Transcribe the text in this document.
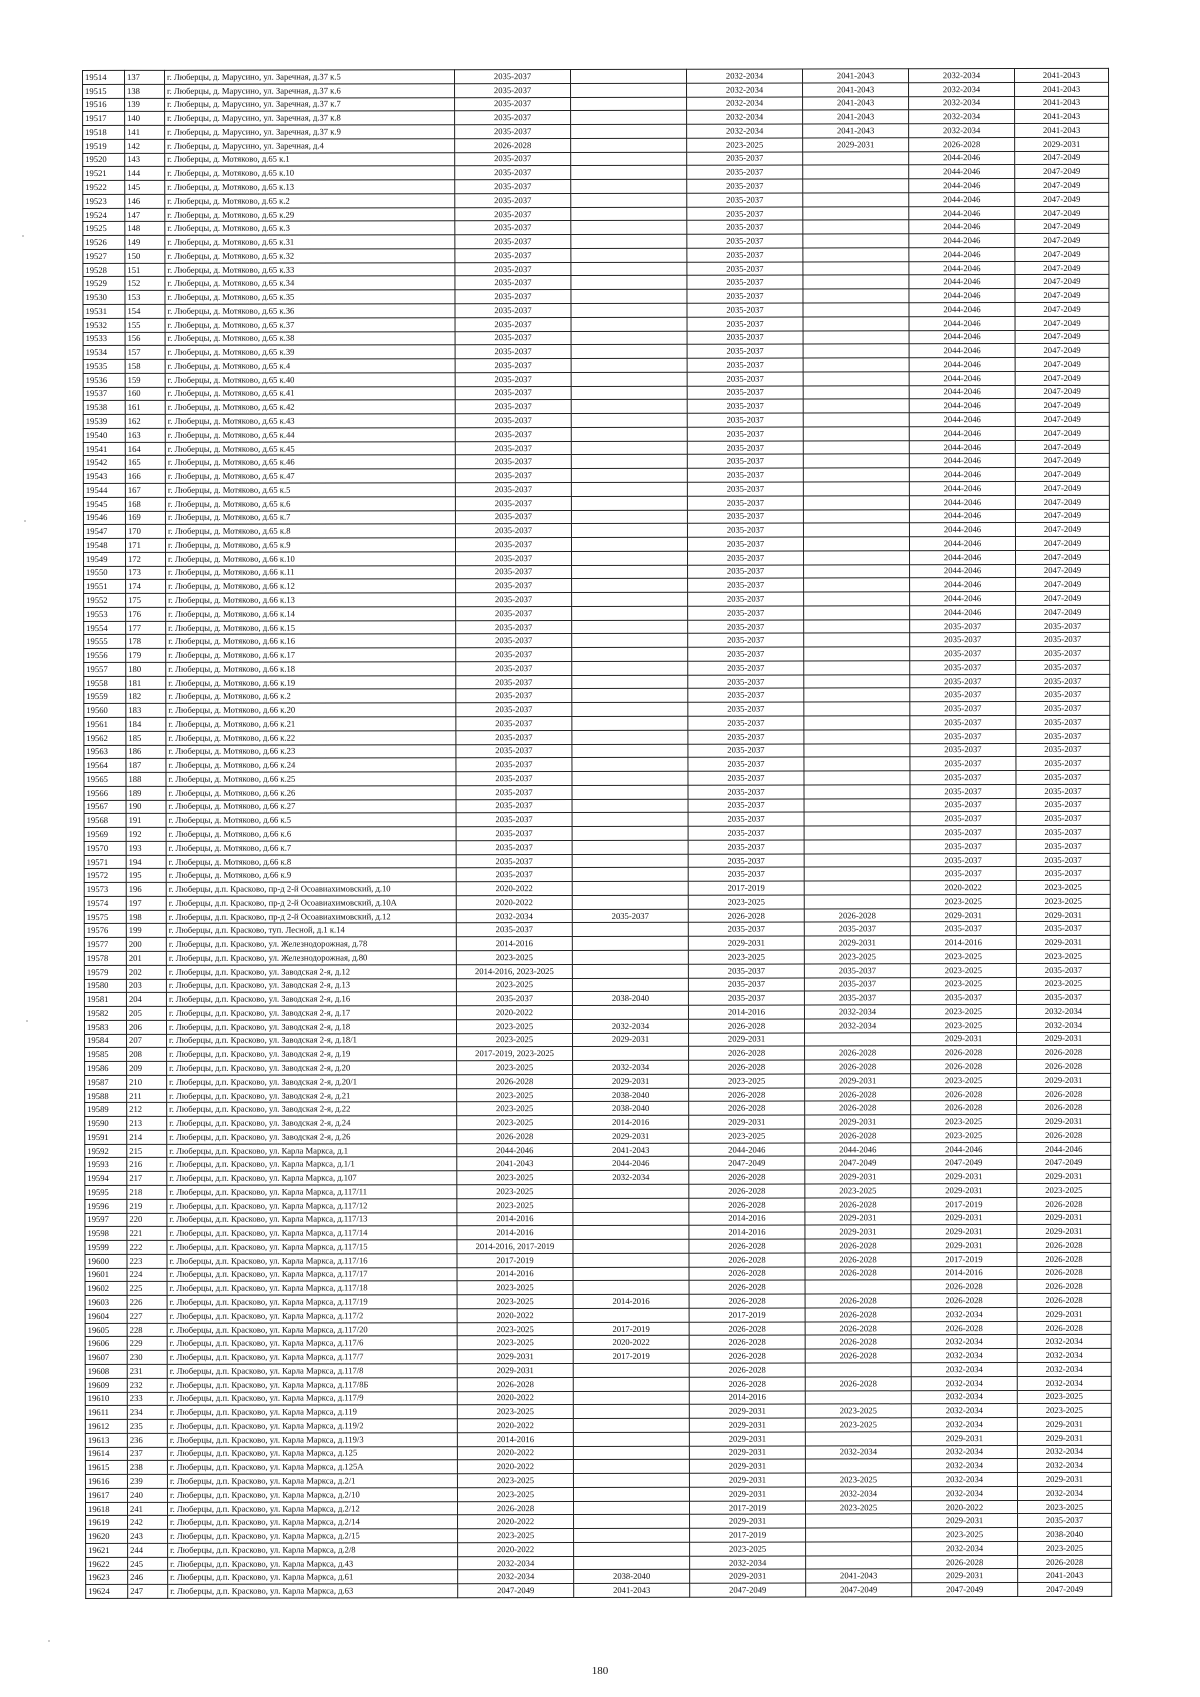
19514	137	г. Люберцы, д. Марусино, ул. Заречная, д.37 к.5	2035-2037		2032-2034	2041-2043	2032-2034	2041-2043
19515	138	г. Люберцы, д. Марусино, ул. Заречная, д.37 к.6	2035-2037		2032-2034	2041-2043	2032-2034	2041-2043
19516	139	г. Люберцы, д. Марусино, ул. Заречная, д.37 к.7	2035-2037		2032-2034	2041-2043	2032-2034	2041-2043
19517	140	г. Люберцы, д. Марусино, ул. Заречная, д.37 к.8	2035-2037		2032-2034	2041-2043	2032-2034	2041-2043
19518	141	г. Люберцы, д. Марусино, ул. Заречная, д.37 к.9	2035-2037		2032-2034	2041-2043	2032-2034	2041-2043
19519	142	г. Люберцы, д. Марусино, ул. Заречная, д.4	2026-2028		2023-2025	2029-2031	2026-2028	2029-2031
19520	143	г. Люберцы, д. Мотяково, д.65 к.1	2035-2037		2035-2037		2044-2046	2047-2049
19521	144	г. Люберцы, д. Мотяково, д.65 к.10	2035-2037		2035-2037		2044-2046	2047-2049
19522	145	г. Люберцы, д. Мотяково, д.65 к.13	2035-2037		2035-2037		2044-2046	2047-2049
19523	146	г. Люберцы, д. Мотяково, д.65 к.2	2035-2037		2035-2037		2044-2046	2047-2049
19524	147	г. Люберцы, д. Мотяково, д.65 к.29	2035-2037		2035-2037		2044-2046	2047-2049
19525	148	г. Люберцы, д. Мотяково, д.65 к.3	2035-2037		2035-2037		2044-2046	2047-2049
19526	149	г. Люберцы, д. Мотяково, д.65 к.31	2035-2037		2035-2037		2044-2046	2047-2049
19527	150	г. Люберцы, д. Мотяково, д.65 к.32	2035-2037		2035-2037		2044-2046	2047-2049
19528	151	г. Люберцы, д. Мотяково, д.65 к.33	2035-2037		2035-2037		2044-2046	2047-2049
19529	152	г. Люберцы, д. Мотяково, д.65 к.34	2035-2037		2035-2037		2044-2046	2047-2049
19530	153	г. Люберцы, д. Мотяково, д.65 к.35	2035-2037		2035-2037		2044-2046	2047-2049
19531	154	г. Люберцы, д. Мотяково, д.65 к.36	2035-2037		2035-2037		2044-2046	2047-2049
19532	155	г. Люберцы, д. Мотяково, д.65 к.37	2035-2037		2035-2037		2044-2046	2047-2049
19533	156	г. Люберцы, д. Мотяково, д.65 к.38	2035-2037		2035-2037		2044-2046	2047-2049
19534	157	г. Люберцы, д. Мотяково, д.65 к.39	2035-2037		2035-2037		2044-2046	2047-2049
19535	158	г. Люберцы, д. Мотяково, д.65 к.4	2035-2037		2035-2037		2044-2046	2047-2049
19536	159	г. Люберцы, д. Мотяково, д.65 к.40	2035-2037		2035-2037		2044-2046	2047-2049
19537	160	г. Люберцы, д. Мотяково, д.65 к.41	2035-2037		2035-2037		2044-2046	2047-2049
19538	161	г. Люберцы, д. Мотяково, д.65 к.42	2035-2037		2035-2037		2044-2046	2047-2049
19539	162	г. Люберцы, д. Мотяково, д.65 к.43	2035-2037		2035-2037		2044-2046	2047-2049
19540	163	г. Люберцы, д. Мотяково, д.65 к.44	2035-2037		2035-2037		2044-2046	2047-2049
19541	164	г. Люберцы, д. Мотяково, д.65 к.45	2035-2037		2035-2037		2044-2046	2047-2049
19542	165	г. Люберцы, д. Мотяково, д.65 к.46	2035-2037		2035-2037		2044-2046	2047-2049
19543	166	г. Люберцы, д. Мотяково, д.65 к.47	2035-2037		2035-2037		2044-2046	2047-2049
19544	167	г. Люберцы, д. Мотяково, д.65 к.5	2035-2037		2035-2037		2044-2046	2047-2049
19545	168	г. Люберцы, д. Мотяково, д.65 к.6	2035-2037		2035-2037		2044-2046	2047-2049
19546	169	г. Люберцы, д. Мотяково, д.65 к.7	2035-2037		2035-2037		2044-2046	2047-2049
19547	170	г. Люберцы, д. Мотяково, д.65 к.8	2035-2037		2035-2037		2044-2046	2047-2049
19548	171	г. Люберцы, д. Мотяково, д.65 к.9	2035-2037		2035-2037		2044-2046	2047-2049
19549	172	г. Люберцы, д. Мотяково, д.66 к.10	2035-2037		2035-2037		2044-2046	2047-2049
19550	173	г. Люберцы, д. Мотяково, д.66 к.11	2035-2037		2035-2037		2044-2046	2047-2049
19551	174	г. Люберцы, д. Мотяково, д.66 к.12	2035-2037		2035-2037		2044-2046	2047-2049
19552	175	г. Люберцы, д. Мотяково, д.66 к.13	2035-2037		2035-2037		2044-2046	2047-2049
19553	176	г. Люберцы, д. Мотяково, д.66 к.14	2035-2037		2035-2037		2044-2046	2047-2049
19554	177	г. Люберцы, д. Мотяково, д.66 к.15	2035-2037		2035-2037		2035-2037	2035-2037
19555	178	г. Люберцы, д. Мотяково, д.66 к.16	2035-2037		2035-2037		2035-2037	2035-2037
19556	179	г. Люберцы, д. Мотяково, д.66 к.17	2035-2037		2035-2037		2035-2037	2035-2037
19557	180	г. Люберцы, д. Мотяково, д.66 к.18	2035-2037		2035-2037		2035-2037	2035-2037
19558	181	г. Люберцы, д. Мотяково, д.66 к.19	2035-2037		2035-2037		2035-2037	2035-2037
19559	182	г. Люберцы, д. Мотяково, д.66 к.2	2035-2037		2035-2037		2035-2037	2035-2037
19560	183	г. Люберцы, д. Мотяково, д.66 к.20	2035-2037		2035-2037		2035-2037	2035-2037
19561	184	г. Люберцы, д. Мотяково, д.66 к.21	2035-2037		2035-2037		2035-2037	2035-2037
19562	185	г. Люберцы, д. Мотяково, д.66 к.22	2035-2037		2035-2037		2035-2037	2035-2037
19563	186	г. Люберцы, д. Мотяково, д.66 к.23	2035-2037		2035-2037		2035-2037	2035-2037
19564	187	г. Люберцы, д. Мотяково, д.66 к.24	2035-2037		2035-2037		2035-2037	2035-2037
19565	188	г. Люберцы, д. Мотяково, д.66 к.25	2035-2037		2035-2037		2035-2037	2035-2037
19566	189	г. Люберцы, д. Мотяково, д.66 к.26	2035-2037		2035-2037		2035-2037	2035-2037
19567	190	г. Люберцы, д. Мотяково, д.66 к.27	2035-2037		2035-2037		2035-2037	2035-2037
19568	191	г. Люберцы, д. Мотяково, д.66 к.5	2035-2037		2035-2037		2035-2037	2035-2037
19569	192	г. Люберцы, д. Мотяково, д.66 к.6	2035-2037		2035-2037		2035-2037	2035-2037
19570	193	г. Люберцы, д. Мотяково, д.66 к.7	2035-2037		2035-2037		2035-2037	2035-2037
19571	194	г. Люберцы, д. Мотяково, д.66 к.8	2035-2037		2035-2037		2035-2037	2035-2037
19572	195	г. Люберцы, д. Мотяково, д.66 к.9	2035-2037		2035-2037		2035-2037	2035-2037
19573	196	г. Люберцы, д.п. Красково, пр-д 2-й Осоавиахимовский, д.10	2020-2022		2017-2019		2020-2022	2023-2025
19574	197	г. Люберцы, д.п. Красково, пр-д 2-й Осоавиахимовский, д.10А	2020-2022		2023-2025		2023-2025	2023-2025
19575	198	г. Люберцы, д.п. Красково, пр-д 2-й Осоавиахимовский, д.12	2032-2034	2035-2037	2026-2028	2026-2028	2029-2031	2029-2031
19576	199	г. Люберцы, д.п. Красково, туп. Лесной, д.1 к.14	2035-2037		2035-2037	2035-2037	2035-2037	2035-2037
19577	200	г. Люберцы, д.п. Красково, ул. Железнодорожная, д.78	2014-2016		2029-2031	2029-2031	2014-2016	2029-2031
19578	201	г. Люберцы, д.п. Красково, ул. Железнодорожная, д.80	2023-2025		2023-2025	2023-2025	2023-2025	2023-2025
19579	202	г. Люберцы, д.п. Красково, ул. Заводская 2-я, д.12	2014-2016, 2023-2025		2035-2037	2035-2037	2023-2025	2035-2037
19580	203	г. Люберцы, д.п. Красково, ул. Заводская 2-я, д.13	2023-2025		2035-2037	2035-2037	2023-2025	2023-2025
19581	204	г. Люберцы, д.п. Красково, ул. Заводская 2-я, д.16	2035-2037	2038-2040	2035-2037	2035-2037	2035-2037	2035-2037
19582	205	г. Люберцы, д.п. Красково, ул. Заводская 2-я, д.17	2020-2022		2014-2016	2032-2034	2023-2025	2032-2034
19583	206	г. Люберцы, д.п. Красково, ул. Заводская 2-я, д.18	2023-2025	2032-2034	2026-2028	2032-2034	2023-2025	2032-2034
19584	207	г. Люберцы, д.п. Красково, ул. Заводская 2-я, д.18/1	2023-2025	2029-2031	2029-2031		2029-2031	2029-2031
19585	208	г. Люберцы, д.п. Красково, ул. Заводская 2-я, д.19	2017-2019, 2023-2025		2026-2028	2026-2028	2026-2028	2026-2028
19586	209	г. Люберцы, д.п. Красково, ул. Заводская 2-я, д.20	2023-2025	2032-2034	2026-2028	2026-2028	2026-2028	2026-2028
19587	210	г. Люберцы, д.п. Красково, ул. Заводская 2-я, д.20/1	2026-2028	2029-2031	2023-2025	2029-2031	2023-2025	2029-2031
19588	211	г. Люберцы, д.п. Красково, ул. Заводская 2-я, д.21	2023-2025	2038-2040	2026-2028	2026-2028	2026-2028	2026-2028
19589	212	г. Люберцы, д.п. Красково, ул. Заводская 2-я, д.22	2023-2025	2038-2040	2026-2028	2026-2028	2026-2028	2026-2028
19590	213	г. Люберцы, д.п. Красково, ул. Заводская 2-я, д.24	2023-2025	2014-2016	2029-2031	2029-2031	2023-2025	2029-2031
19591	214	г. Люберцы, д.п. Красково, ул. Заводская 2-я, д.26	2026-2028	2029-2031	2023-2025	2026-2028	2023-2025	2026-2028
19592	215	г. Люберцы, д.п. Красково, ул. Карла Маркса, д.1	2044-2046	2041-2043	2044-2046	2044-2046	2044-2046	2044-2046
19593	216	г. Люберцы, д.п. Красково, ул. Карла Маркса, д.1/1	2041-2043	2044-2046	2047-2049	2047-2049	2047-2049	2047-2049
19594	217	г. Люберцы, д.п. Красково, ул. Карла Маркса, д.107	2023-2025	2032-2034	2026-2028	2029-2031	2029-2031	2029-2031
19595	218	г. Люберцы, д.п. Красково, ул. Карла Маркса, д.117/11	2023-2025		2026-2028	2023-2025	2029-2031	2023-2025
19596	219	г. Люберцы, д.п. Красково, ул. Карла Маркса, д.117/12	2023-2025		2026-2028	2026-2028	2017-2019	2026-2028
19597	220	г. Люберцы, д.п. Красково, ул. Карла Маркса, д.117/13	2014-2016		2014-2016	2029-2031	2029-2031	2029-2031
19598	221	г. Люберцы, д.п. Красково, ул. Карла Маркса, д.117/14	2014-2016		2014-2016	2029-2031	2029-2031	2029-2031
19599	222	г. Люберцы, д.п. Красково, ул. Карла Маркса, д.117/15	2014-2016, 2017-2019		2026-2028	2026-2028	2029-2031	2026-2028
19600	223	г. Люберцы, д.п. Красково, ул. Карла Маркса, д.117/16	2017-2019		2026-2028	2026-2028	2017-2019	2026-2028
19601	224	г. Люберцы, д.п. Красково, ул. Карла Маркса, д.117/17	2014-2016		2026-2028	2026-2028	2014-2016	2026-2028
19602	225	г. Люберцы, д.п. Красково, ул. Карла Маркса, д.117/18	2023-2025		2026-2028		2026-2028	2026-2028
19603	226	г. Люберцы, д.п. Красково, ул. Карла Маркса, д.117/19	2023-2025	2014-2016	2026-2028	2026-2028	2026-2028	2026-2028
19604	227	г. Люберцы, д.п. Красково, ул. Карла Маркса, д.117/2	2020-2022		2017-2019	2026-2028	2032-2034	2029-2031
19605	228	г. Люберцы, д.п. Красково, ул. Карла Маркса, д.117/20	2023-2025	2017-2019	2026-2028	2026-2028	2026-2028	2026-2028
19606	229	г. Люберцы, д.п. Красково, ул. Карла Маркса, д.117/6	2023-2025	2020-2022	2026-2028	2026-2028	2032-2034	2032-2034
19607	230	г. Люберцы, д.п. Красково, ул. Карла Маркса, д.117/7	2029-2031	2017-2019	2026-2028	2026-2028	2032-2034	2032-2034
19608	231	г. Люберцы, д.п. Красково, ул. Карла Маркса, д.117/8	2029-2031		2026-2028		2032-2034	2032-2034
19609	232	г. Люберцы, д.п. Красково, ул. Карла Маркса, д.117/8Б	2026-2028		2026-2028	2026-2028	2032-2034	2032-2034
19610	233	г. Люберцы, д.п. Красково, ул. Карла Маркса, д.117/9	2020-2022		2014-2016		2032-2034	2023-2025
19611	234	г. Люберцы, д.п. Красково, ул. Карла Маркса, д.119	2023-2025		2029-2031	2023-2025	2032-2034	2023-2025
19612	235	г. Люберцы, д.п. Красково, ул. Карла Маркса, д.119/2	2020-2022		2029-2031	2023-2025	2032-2034	2029-2031
19613	236	г. Люберцы, д.п. Красково, ул. Карла Маркса, д.119/3	2014-2016		2029-2031		2029-2031	2029-2031
19614	237	г. Люберцы, д.п. Красково, ул. Карла Маркса, д.125	2020-2022		2029-2031	2032-2034	2032-2034	2032-2034
19615	238	г. Люберцы, д.п. Красково, ул. Карла Маркса, д.125А	2020-2022		2029-2031		2032-2034	2032-2034
19616	239	г. Люберцы, д.п. Красково, ул. Карла Маркса, д.2/1	2023-2025		2029-2031	2023-2025	2032-2034	2029-2031
19617	240	г. Люберцы, д.п. Красково, ул. Карла Маркса, д.2/10	2023-2025		2029-2031	2032-2034	2032-2034	2032-2034
19618	241	г. Люберцы, д.п. Красково, ул. Карла Маркса, д.2/12	2026-2028		2017-2019	2023-2025	2020-2022	2023-2025
19619	242	г. Люберцы, д.п. Красково, ул. Карла Маркса, д.2/14	2020-2022		2029-2031		2029-2031	2035-2037
19620	243	г. Люберцы, д.п. Красково, ул. Карла Маркса, д.2/15	2023-2025		2017-2019		2023-2025	2038-2040
19621	244	г. Люберцы, д.п. Красково, ул. Карла Маркса, д.2/8	2020-2022		2023-2025		2032-2034	2023-2025
19622	245	г. Люберцы, д.п. Красково, ул. Карла Маркса, д.43	2032-2034		2032-2034		2026-2028	2026-2028
19623	246	г. Люберцы, д.п. Красково, ул. Карла Маркса, д.61	2032-2034	2038-2040	2029-2031	2041-2043	2029-2031	2041-2043
19624	247	г. Люберцы, д.п. Красково, ул. Карла Маркса, д.63	2047-2049	2041-2043	2047-2049	2047-2049	2047-2049	2047-2049
180
